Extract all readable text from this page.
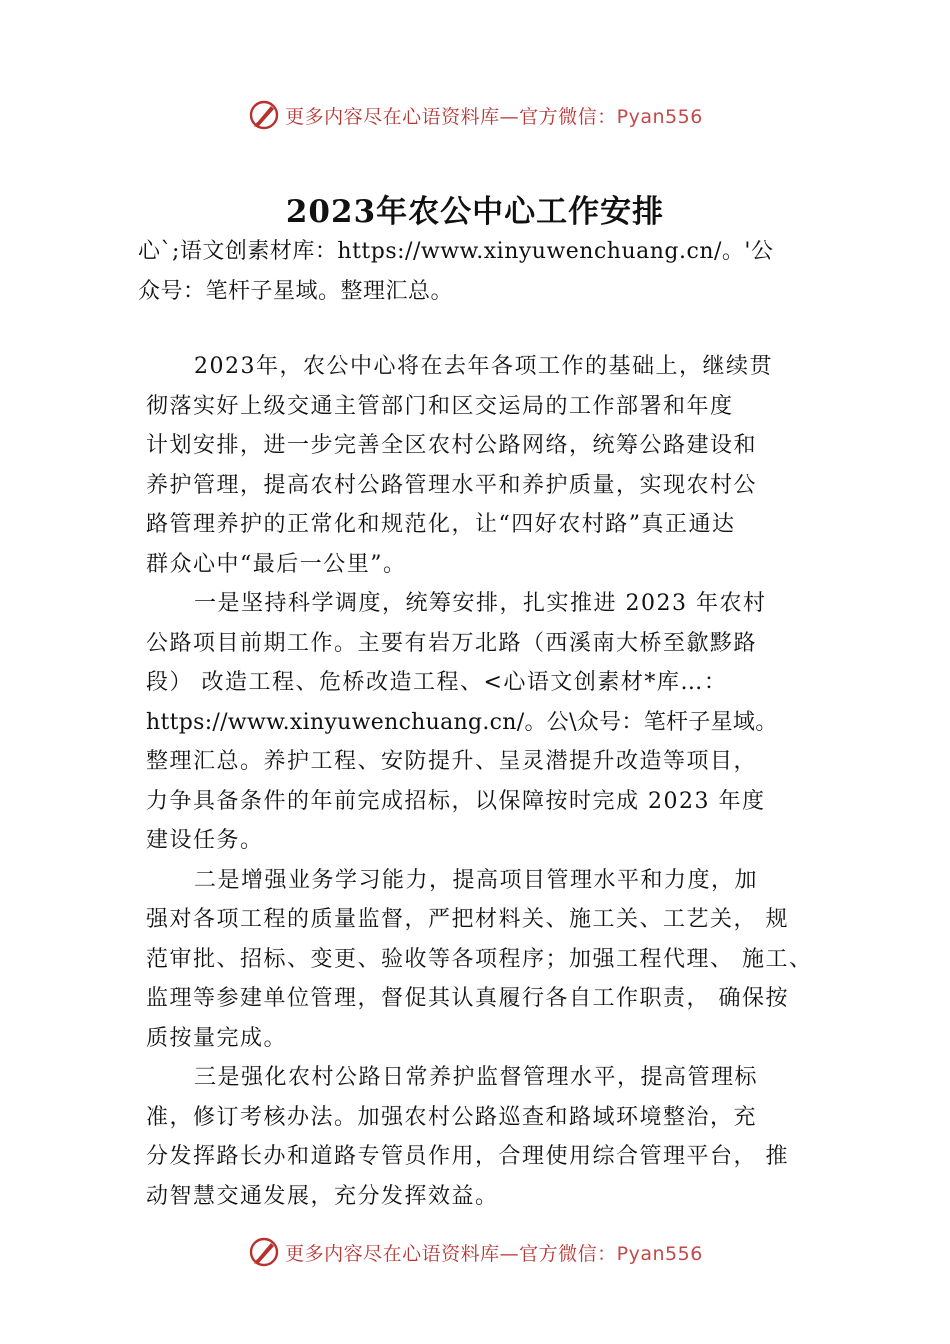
更多内容尽在心语资料库—官方微信：Pyan556
2023年农公中心工作安排
心`;语文创素材库：https://www.xinyuwenchuang.cn/。'公
众号：笔杆子星域。整理汇总。
2023年，农公中心将在去年各项工作的基础上，继续贯
彻落实好上级交通主管部门和区交运局的工作部署和年度
计划安排，进一步完善全区农村公路网络，统筹公路建设和
养护管理，提高农村公路管理水平和养护质量，实现农村公
路管理养护的正常化和规范化，让“四好农村路”真正通达
群众心中“最后一公里”。
一是坚持科学调度，统筹安排，扎实推进 2023 年农村
公路项目前期工作。主要有岩万北路（西溪南大桥至歙黟路
段） 改造工程、危桥改造工程、<心语文创素材*库…：
https://www.xinyuwenchuang.cn/。公\众号：笔杆子星域。
整理汇总。养护工程、安防提升、呈灵潜提升改造等项目，
力争具备条件的年前完成招标，以保障按时完成 2023 年度
建设任务。
二是增强业务学习能力，提高项目管理水平和力度，加
强对各项工程的质量监督，严把材料关、施工关、工艺关， 规
范审批、招标、变更、验收等各项程序；加强工程代理、 施工、
监理等参建单位管理，督促其认真履行各自工作职责， 确保按
质按量完成。
三是强化农村公路日常养护监督管理水平，提高管理标
准，修订考核办法。加强农村公路巡查和路域环境整治，充
分发挥路长办和道路专管员作用，合理使用综合管理平台， 推
动智慧交通发展，充分发挥效益。
更多内容尽在心语资料库—官方微信：Pyan556
